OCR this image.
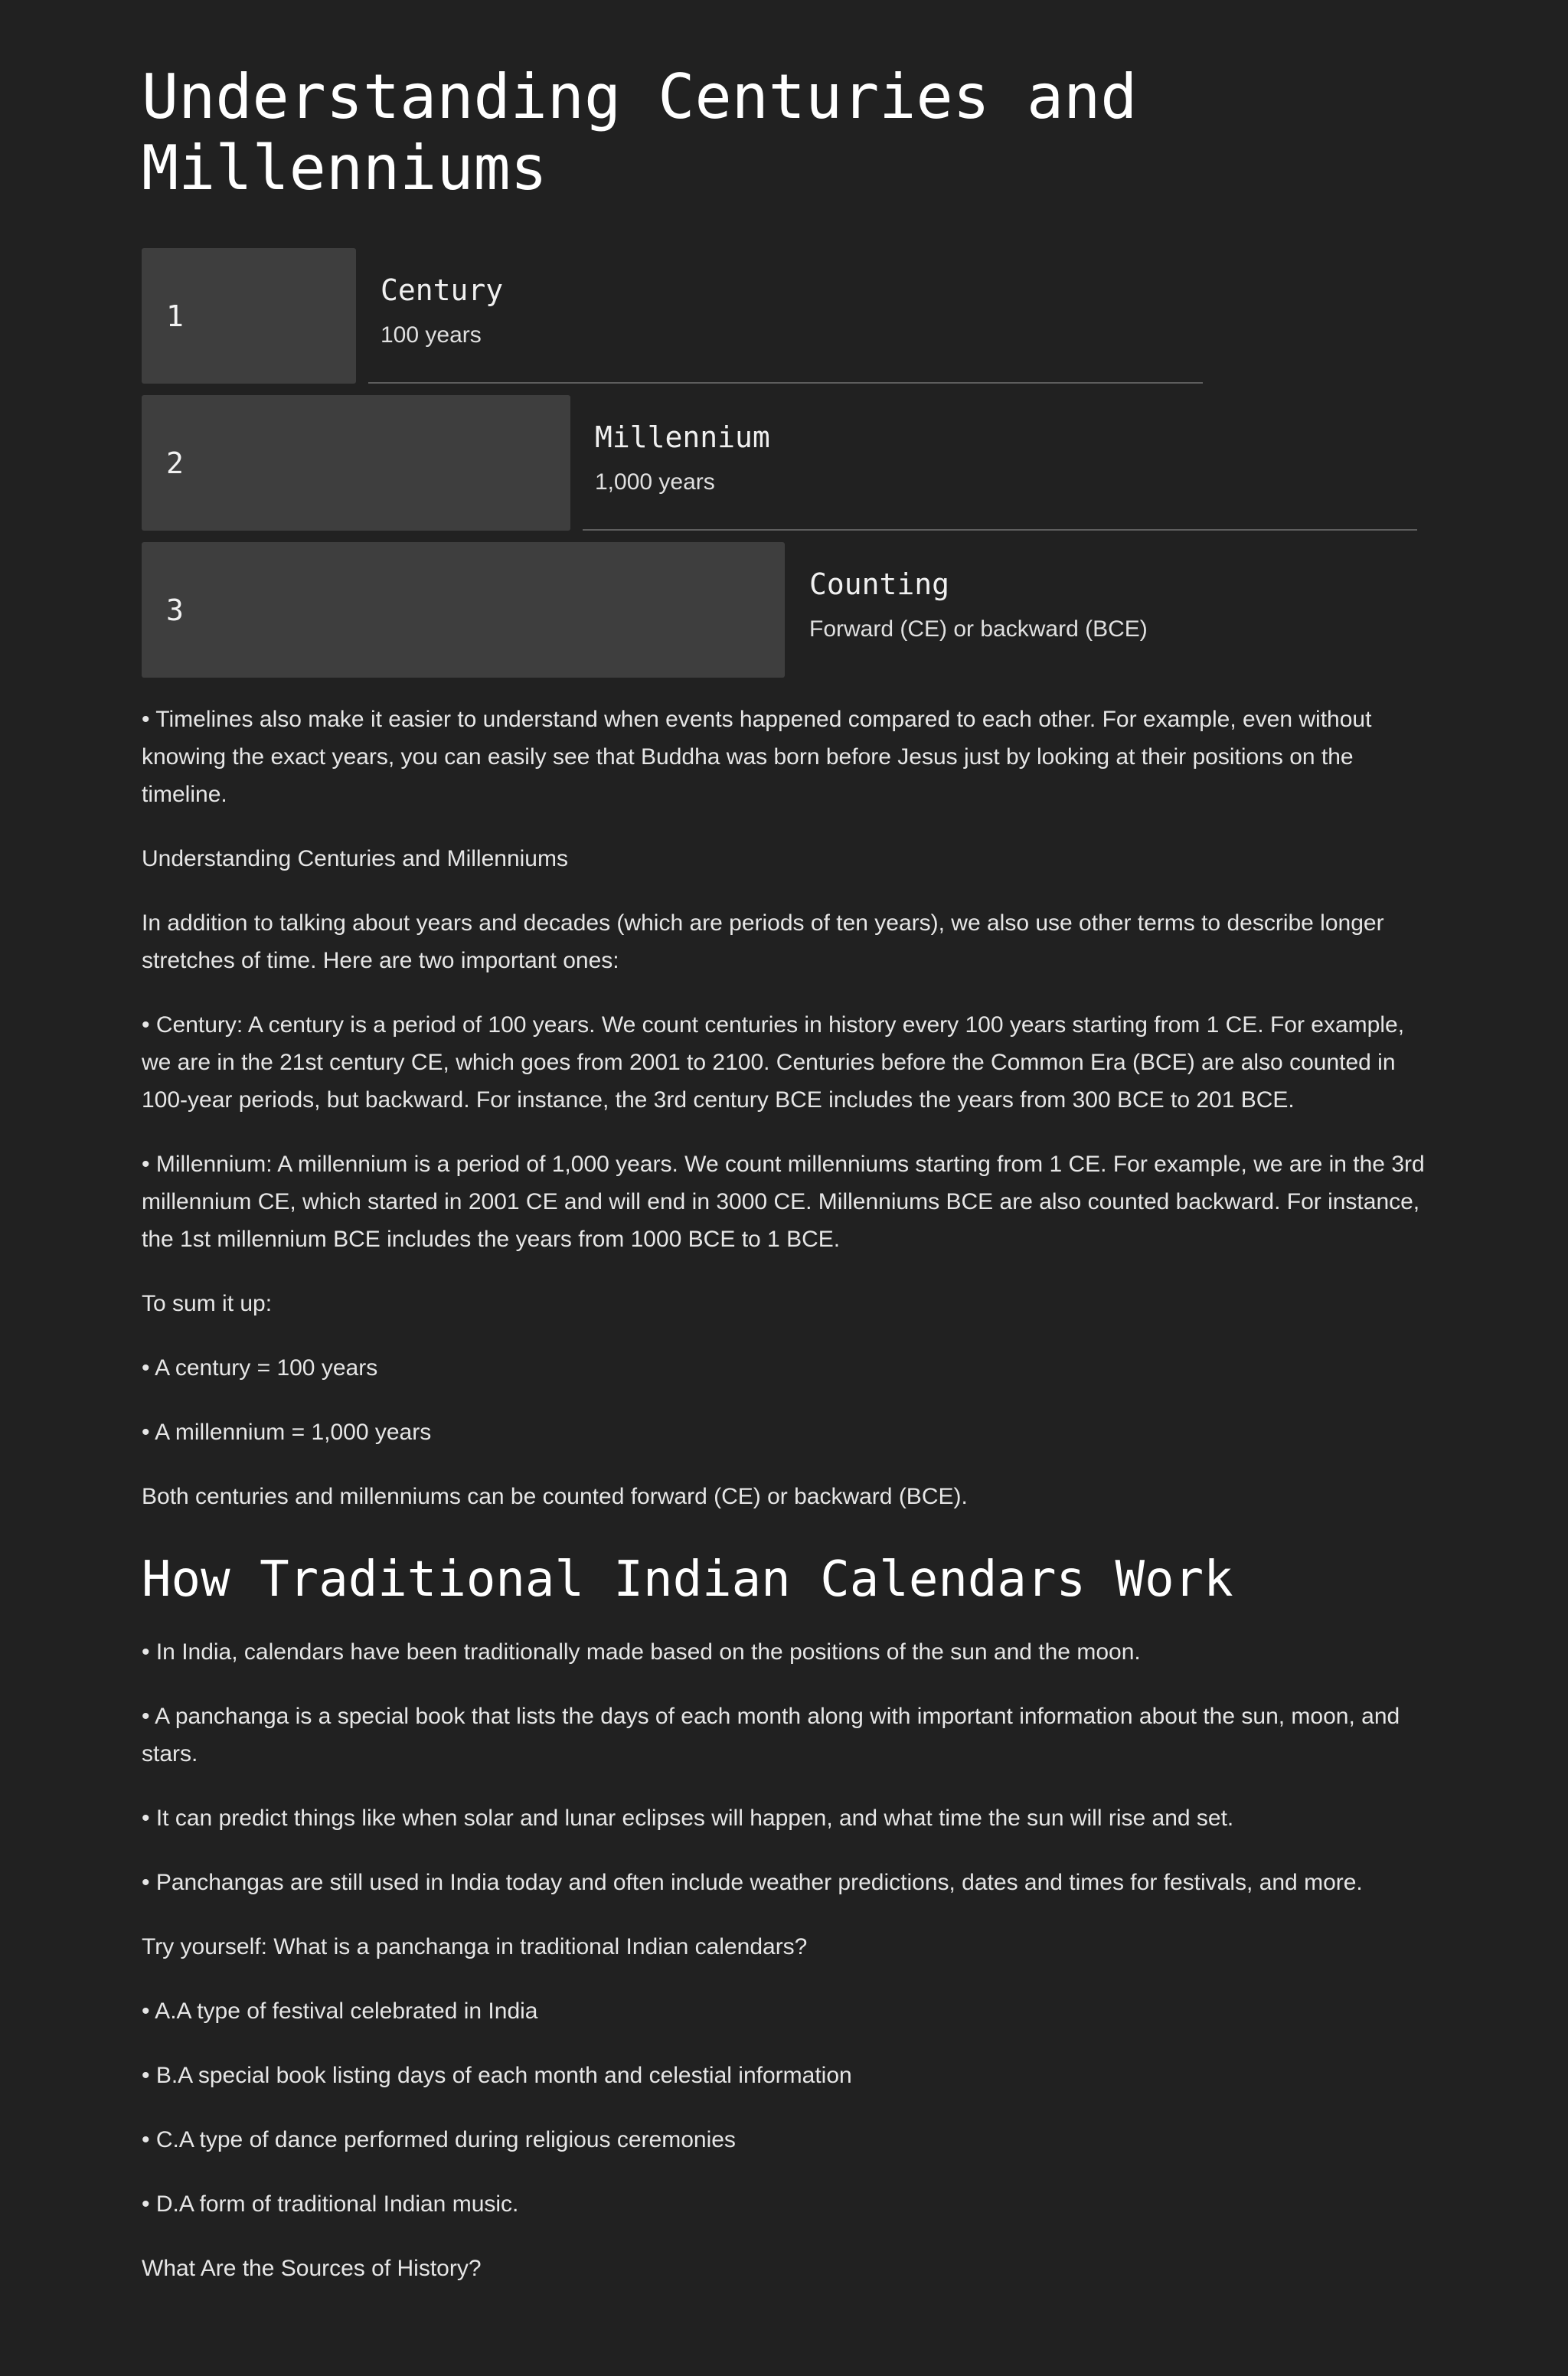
Understanding Centuries and Millenniums
1
Century
100 years
2
Millennium
1,000 years
3
Counting
Forward (CE) or backward (BCE)

• Timelines also make it easier to understand when events happened compared to each other. For example, even without knowing the exact years, you can easily see that Buddha was born before Jesus just by looking at their positions on the timeline.

Understanding Centuries and Millenniums

In addition to talking about years and decades (which are periods of ten years), we also use other terms to describe longer stretches of time. Here are two important ones:

• Century: A century is a period of 100 years. We count centuries in history every 100 years starting from 1 CE. For example, we are in the 21st century CE, which goes from 2001 to 2100. Centuries before the Common Era (BCE) are also counted in 100-year periods, but backward. For instance, the 3rd century BCE includes the years from 300 BCE to 201 BCE.

• Millennium: A millennium is a period of 1,000 years. We count millenniums starting from 1 CE. For example, we are in the 3rd millennium CE, which started in 2001 CE and will end in 3000 CE. Millenniums BCE are also counted backward. For instance, the 1st millennium BCE includes the years from 1000 BCE to 1 BCE.

To sum it up:

• A century = 100 years

• A millennium = 1,000 years

Both centuries and millenniums can be counted forward (CE) or backward (BCE).

How Traditional Indian Calendars Work

• In India, calendars have been traditionally made based on the positions of the sun and the moon.

• A panchanga is a special book that lists the days of each month along with important information about the sun, moon, and stars.

• It can predict things like when solar and lunar eclipses will happen, and what time the sun will rise and set.

• Panchangas are still used in India today and often include weather predictions, dates and times for festivals, and more.

Try yourself: What is a panchanga in traditional Indian calendars?

• A.A type of festival celebrated in India

• B.A special book listing days of each month and celestial information

• C.A type of dance performed during religious ceremonies

• D.A form of traditional Indian music.

What Are the Sources of History?
